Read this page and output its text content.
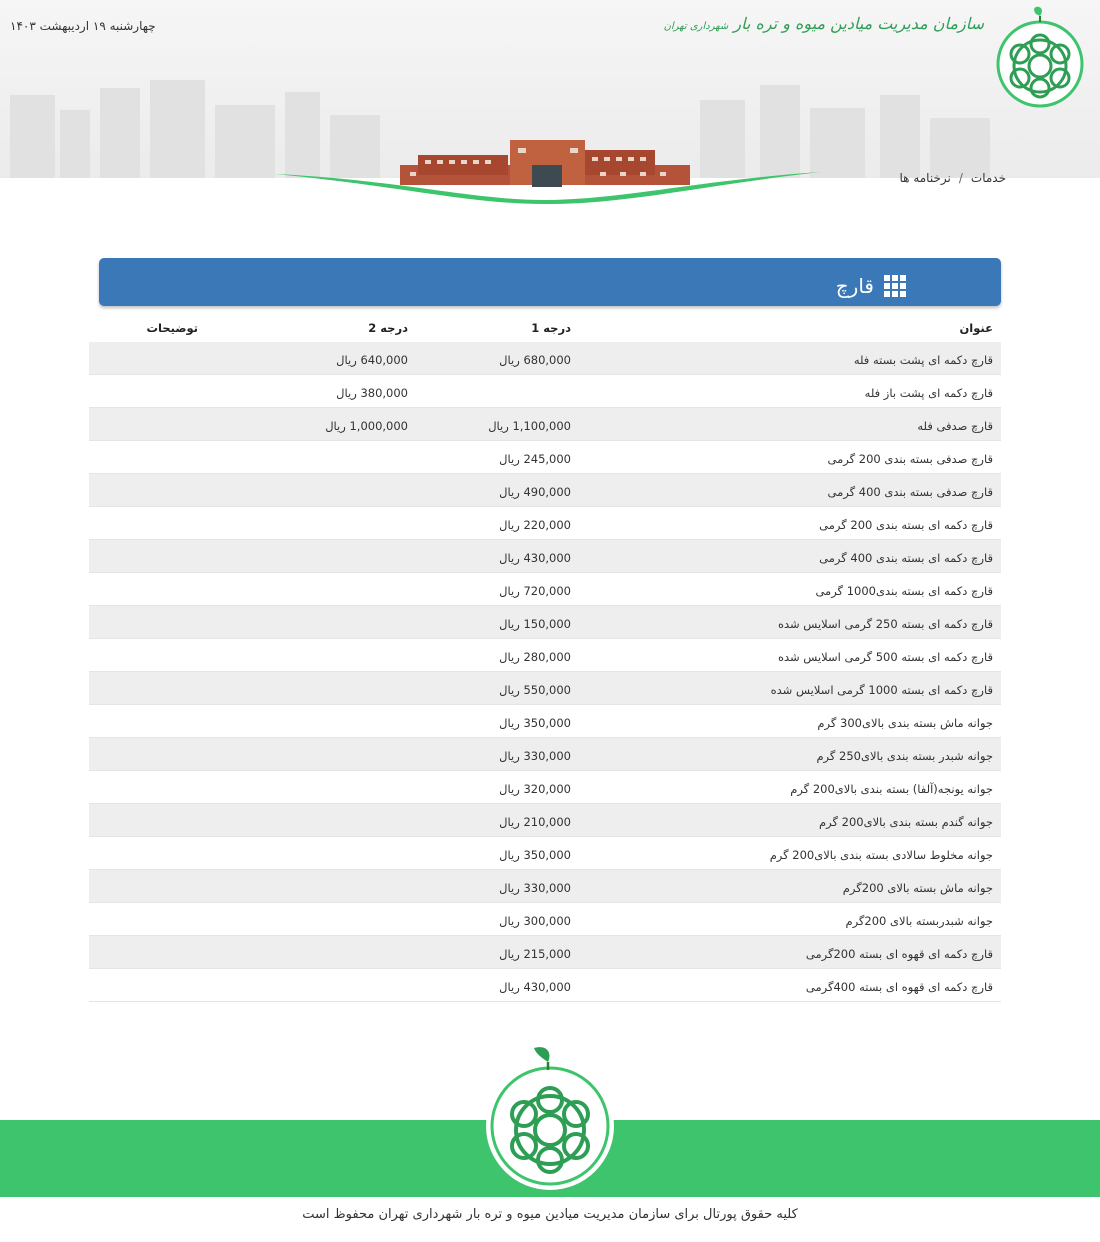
چهارشنبه ۱۹ اردیبهشت ۱۴۰۳	سازمان مدیریت میادین میوه و تره بار شهرداری تهران
خدمات/نرخنامه ها
قارچ
عنوان
درجه 1
درجه 2
توضیحات
قارچ دکمه ای پشت بسته فله
680,000 ریال
640,000 ریال
قارچ دکمه ای پشت باز فله
380,000 ریال
قارچ صدفی فله
1,100,000 ریال
1,000,000 ریال
قارچ صدفی بسته بندی 200 گرمی
245,000 ریال
قارچ صدفی بسته بندی 400 گرمی
490,000 ریال
قارچ دکمه ای بسته بندی 200 گرمی
220,000 ریال
قارچ دکمه ای بسته بندی 400 گرمی
430,000 ریال
قارچ دکمه ای بسته بندی1000 گرمی
720,000 ریال
قارچ دکمه ای بسته 250 گرمی اسلایس شده
150,000 ریال
قارچ دکمه ای بسته 500 گرمی اسلایس شده
280,000 ریال
قارچ دکمه ای بسته 1000 گرمی اسلایس شده
550,000 ریال
جوانه ماش بسته بندی بالای300 گرم
350,000 ریال
جوانه شبدر بسته بندی بالای250 گرم
330,000 ریال
جوانه یونجه(آلفا) بسته بندی بالای200 گرم
320,000 ریال
جوانه گندم بسته بندی بالای200 گرم
210,000 ریال
جوانه مخلوط سالادی بسته بندی بالای200 گرم
350,000 ریال
جوانه ماش بسته بالای 200گرم
330,000 ریال
جوانه شبدربسته بالای 200گرم
300,000 ریال
قارچ دکمه ای قهوه ای بسته 200گرمی
215,000 ریال
قارچ دکمه ای قهوه ای بسته 400گرمی
430,000 ریال
کلیه حقوق پورتال برای سازمان مدیریت میادین میوه و تره بار شهرداری تهران محفوظ است
